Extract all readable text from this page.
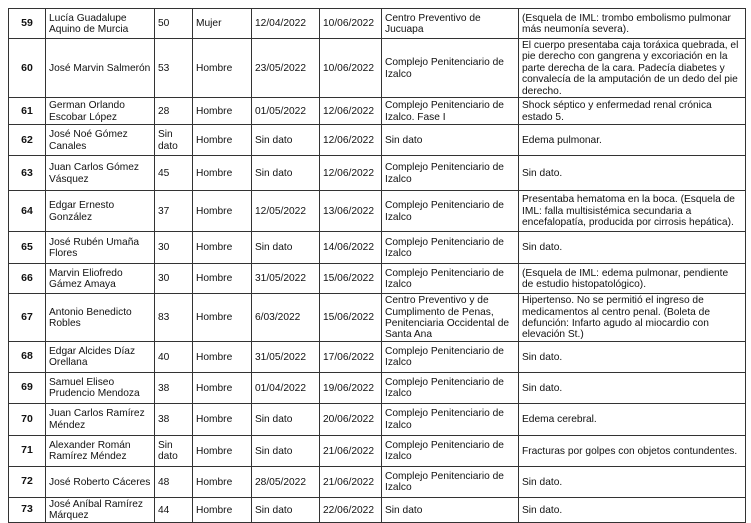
59	Lucía Guadalupe Aquino de Murcia	50	Mujer	12/04/2022	10/06/2022	Centro Preventivo de Jucuapa	(Esquela de IML: trombo embolismo pulmonar más neumonía severa).
60	José Marvin Salmerón	53	Hombre	23/05/2022	10/06/2022	Complejo Penitenciario de Izalco	El cuerpo presentaba caja toráxica quebrada, el pie derecho con gangrena y excoriación en la parte derecha de la cara. Padecía diabetes y convalecía de la amputación de un dedo del pie derecho.
61	German Orlando Escobar López	28	Hombre	01/05/2022	12/06/2022	Complejo Penitenciario de Izalco. Fase I	Shock séptico y enfermedad renal crónica estado 5.
62	José Noé Gómez Canales	Sin dato	Hombre	Sin dato	12/06/2022	Sin dato	Edema pulmonar.
63	Juan Carlos Gómez Vásquez	45	Hombre	Sin dato	12/06/2022	Complejo Penitenciario de Izalco	Sin dato.
64	Edgar Ernesto González	37	Hombre	12/05/2022	13/06/2022	Complejo Penitenciario de Izalco	Presentaba hematoma en la boca. (Esquela de IML: falla multisistémica secundaria a encefalopatía, producida por cirrosis hepática).
65	José Rubén Umaña Flores	30	Hombre	Sin dato	14/06/2022	Complejo Penitenciario de Izalco	Sin dato.
66	Marvin Eliofredo Gámez Amaya	30	Hombre	31/05/2022	15/06/2022	Complejo Penitenciario de Izalco	(Esquela de IML: edema pulmonar, pendiente de estudio histopatológico).
67	Antonio Benedicto Robles	83	Hombre	6/03/2022	15/06/2022	Centro Preventivo y de Cumplimento de Penas, Penitenciaria Occidental de Santa Ana	Hipertenso. No se permitió el ingreso de medicamentos al centro penal. (Boleta de defunción: Infarto agudo al miocardio con elevación St.)
68	Edgar Alcides Díaz Orellana	40	Hombre	31/05/2022	17/06/2022	Complejo Penitenciario de Izalco	Sin dato.
69	Samuel Eliseo Prudencio Mendoza	38	Hombre	01/04/2022	19/06/2022	Complejo Penitenciario de Izalco	Sin dato.
70	Juan Carlos Ramírez Méndez	38	Hombre	Sin dato	20/06/2022	Complejo Penitenciario de Izalco	Edema cerebral.
71	Alexander Román Ramírez Méndez	Sin dato	Hombre	Sin dato	21/06/2022	Complejo Penitenciario de Izalco	Fracturas por golpes con objetos contundentes.
72	José Roberto Cáceres	48	Hombre	28/05/2022	21/06/2022	Complejo Penitenciario de Izalco	Sin dato.
73	José Aníbal Ramírez Márquez	44	Hombre	Sin dato	22/06/2022	Sin dato	Sin dato.
